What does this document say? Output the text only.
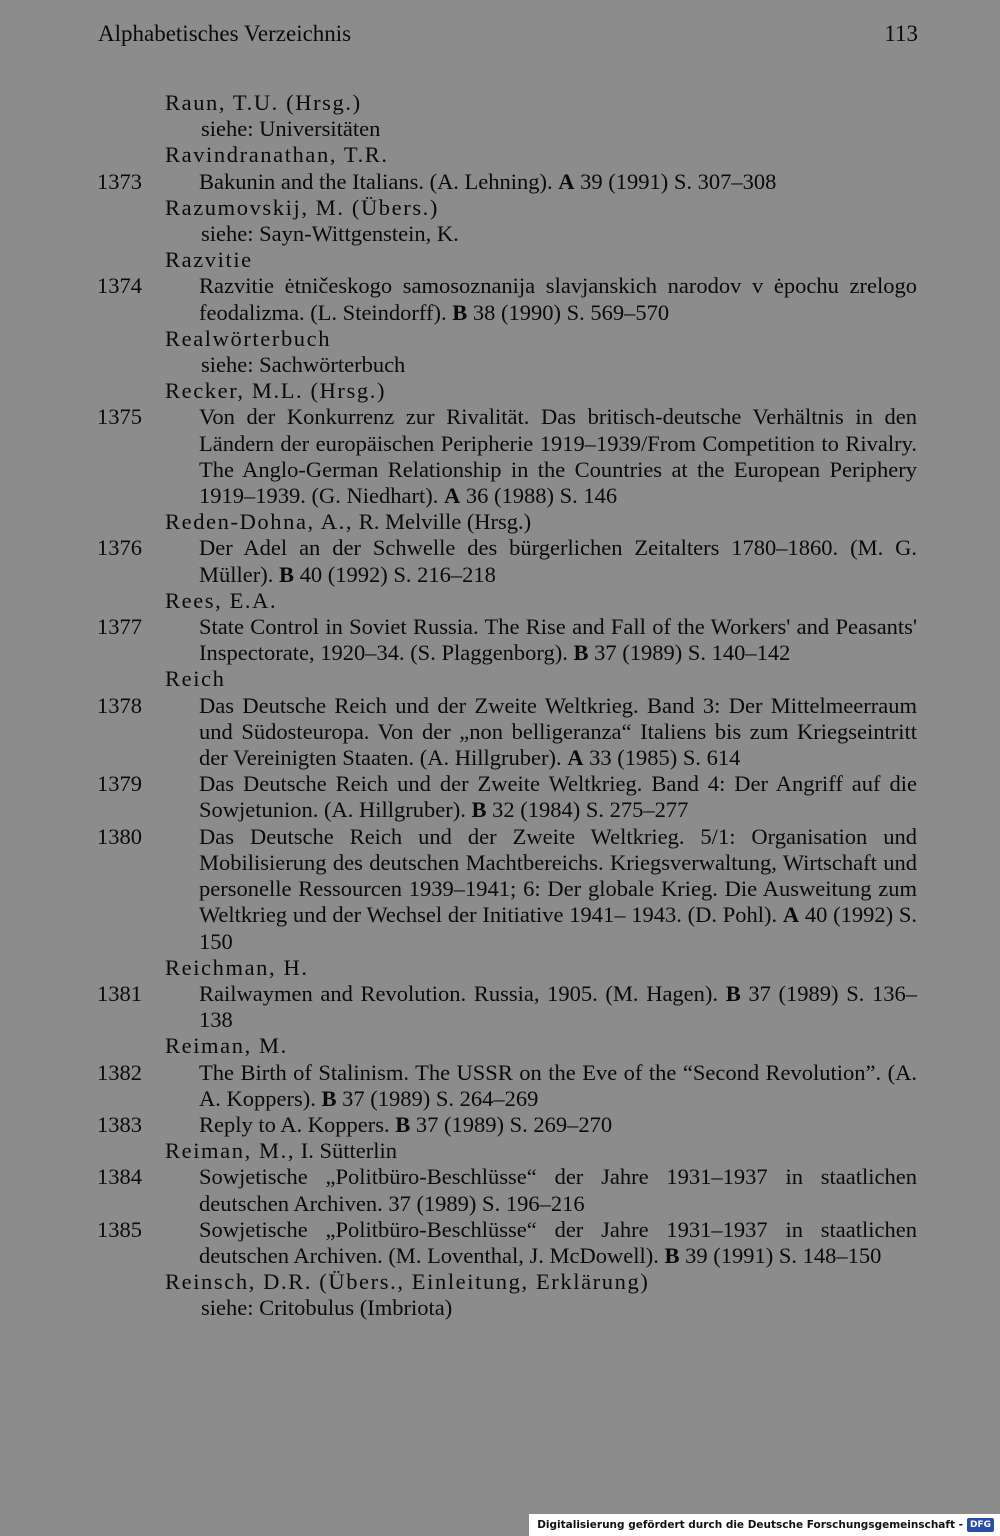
Alphabetisches Verzeichnis	113
Raun, T.U. (Hrsg.)
siehe: Universitäten
Ravindranathan, T.R.
1373	Bakunin and the Italians. (A. Lehning). A 39 (1991) S. 307–308
Razumovskij, M. (Übers.)
siehe: Sayn-Wittgenstein, K.
Razvitie
1374	Razvitie ėtničeskogo samosoznanija slavjanskich narodov v ėpochu zrelogo feodalizma. (L. Steindorff). B 38 (1990) S. 569–570
Realwörterbuch
siehe: Sachwörterbuch
Recker, M.L. (Hrsg.)
1375	Von der Konkurrenz zur Rivalität. Das britisch-deutsche Verhältnis in den Ländern der europäischen Peripherie 1919–1939/From Competition to Rivalry. The Anglo-German Relationship in the Countries at the European Periphery 1919–1939. (G. Niedhart). A 36 (1988) S. 146
Reden-Dohna, A., R. Melville (Hrsg.)
1376	Der Adel an der Schwelle des bürgerlichen Zeitalters 1780–1860. (M. G. Müller). B 40 (1992) S. 216–218
Rees, E.A.
1377	State Control in Soviet Russia. The Rise and Fall of the Workers' and Peasants' Inspectorate, 1920–34. (S. Plaggenborg). B 37 (1989) S. 140–142
Reich
1378	Das Deutsche Reich und der Zweite Weltkrieg. Band 3: Der Mittelmeerraum und Südosteuropa. Von der „non belligeranza“ Italiens bis zum Kriegseintritt der Vereinigten Staaten. (A. Hillgruber). A 33 (1985) S. 614
1379	Das Deutsche Reich und der Zweite Weltkrieg. Band 4: Der Angriff auf die Sowjetunion. (A. Hillgruber). B 32 (1984) S. 275–277
1380	Das Deutsche Reich und der Zweite Weltkrieg. 5/1: Organisation und Mobilisierung des deutschen Machtbereichs. Kriegsverwaltung, Wirtschaft und personelle Ressourcen 1939–1941; 6: Der globale Krieg. Die Ausweitung zum Weltkrieg und der Wechsel der Initiative 1941– 1943. (D. Pohl). A 40 (1992) S. 150
Reichman, H.
1381	Railwaymen and Revolution. Russia, 1905. (M. Hagen). B 37 (1989) S. 136–138
Reiman, M.
1382	The Birth of Stalinism. The USSR on the Eve of the “Second Revolution”. (A. A. Koppers). B 37 (1989) S. 264–269
1383	Reply to A. Koppers. B 37 (1989) S. 269–270
Reiman, M., I. Sütterlin
1384	Sowjetische „Politbüro-Beschlüsse“ der Jahre 1931–1937 in staatlichen deutschen Archiven. 37 (1989) S. 196–216
1385	Sowjetische „Politbüro-Beschlüsse“ der Jahre 1931–1937 in staatlichen deutschen Archiven. (M. Loventhal, J. McDowell). B 39 (1991) S. 148–150
Reinsch, D.R. (Übers., Einleitung, Erklärung)
siehe: Critobulus (Imbriota)
Digitalisierung gefördert durch die Deutsche Forschungsgemeinschaft - DFG
